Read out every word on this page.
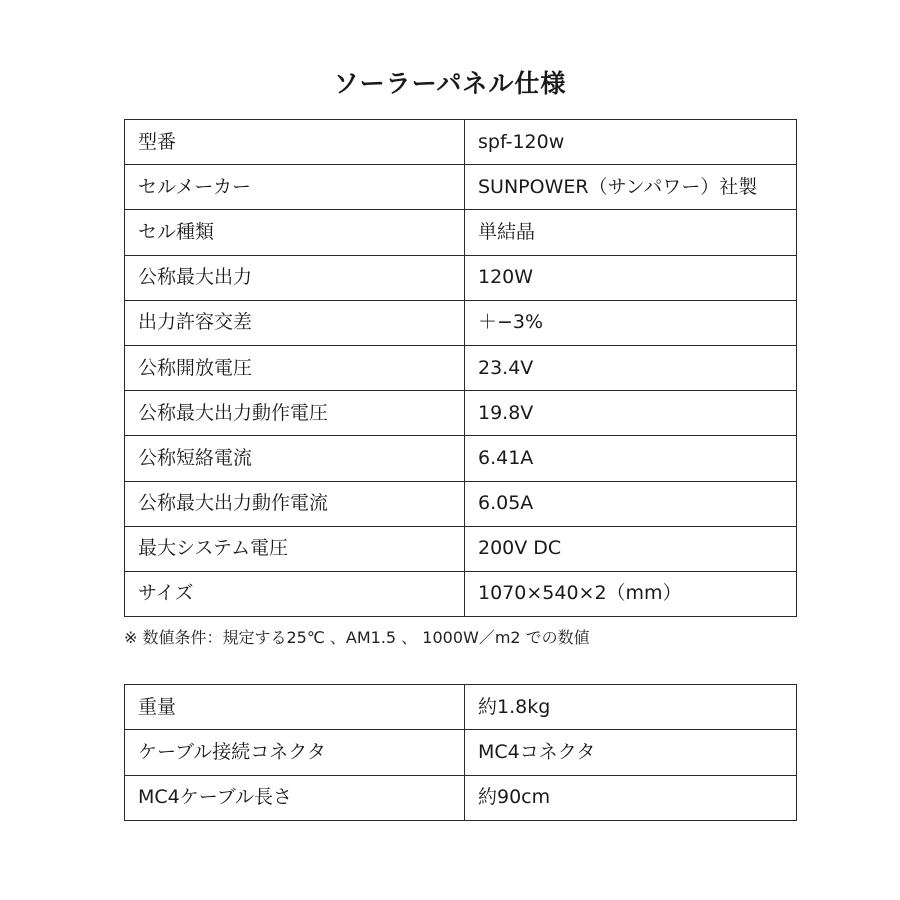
ソーラーパネル仕様
型番	spf-120w
セルメーカー	SUNPOWER（サンパワー）社製
セル種類	単結晶
公称最大出力	120W
出力許容交差	＋−3%
公称開放電圧	23.4V
公称最大出力動作電圧	19.8V
公称短絡電流	6.41A
公称最大出力動作電流	6.05A
最大システム電圧	200V DC
サイズ	1070×540×2（mm）
※ 数値条件：規定する25℃ 、AM1.5 、 1000W／m2 での数値
重量	約1.8kg
ケーブル接続コネクタ	MC4コネクタ
MC4ケーブル長さ	約90cm
